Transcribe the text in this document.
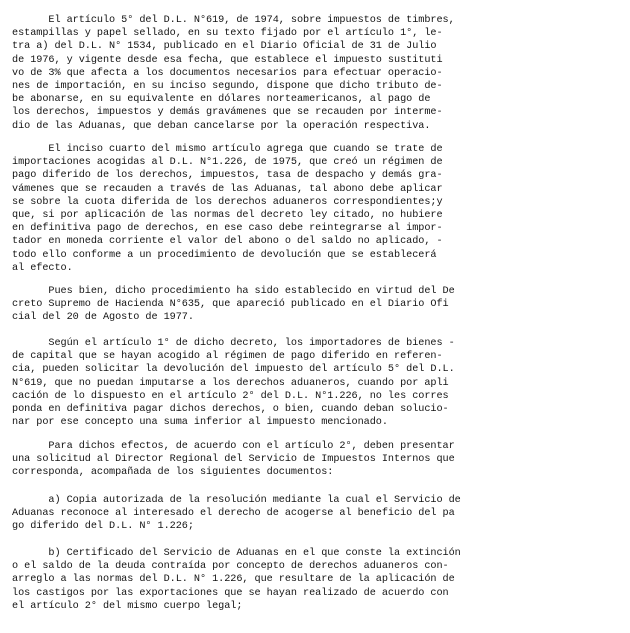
El artículo 5° del D.L. N°619, de 1974, sobre impuestos de timbres,
estampillas y papel sellado, en su texto fijado por el artículo 1°, le-
tra a) del D.L. N° 1534, publicado en el Diario Oficial de 31 de Julio
de 1976, y vigente desde esa fecha, que establece el impuesto sustituti
vo de 3% que afecta a los documentos necesarios para efectuar operacio-
nes de importación, en su inciso segundo, dispone que dicho tributo de-
be abonarse, en su equivalente en dólares norteamericanos, al pago de
los derechos, impuestos y demás gravámenes que se recauden por interme-
dio de las Aduanas, que deban cancelarse por la operación respectiva.
El inciso cuarto del mismo artículo agrega que cuando se trate de
importaciones acogidas al D.L. N°1.226, de 1975, que creó un régimen de
pago diferido de los derechos, impuestos, tasa de despacho y demás gra-
vámenes que se recauden a través de las Aduanas, tal abono debe aplicar
se sobre la cuota diferida de los derechos aduaneros correspondientes;y
que, si por aplicación de las normas del decreto ley citado, no hubiere
en definitiva pago de derechos, en ese caso debe reintegrarse al impor-
tador en moneda corriente el valor del abono o del saldo no aplicado, -
todo ello conforme a un procedimiento de devolución que se establecerá
al efecto.
Pues bien, dicho procedimiento ha sido establecido en virtud del De
creto Supremo de Hacienda N°635, que apareció publicado en el Diario Ofi
cial del 20 de Agosto de 1977.
Según el artículo 1° de dicho decreto, los importadores de bienes -
de capital que se hayan acogido al régimen de pago diferido en referen-
cia, pueden solicitar la devolución del impuesto del artículo 5° del D.L.
N°619, que no puedan imputarse a los derechos aduaneros, cuando por apli
cación de lo dispuesto en el artículo 2° del D.L. N°1.226, no les corres
ponda en definitiva pagar dichos derechos, o bien, cuando deban solucio-
nar por ese concepto una suma inferior al impuesto mencionado.
Para dichos efectos, de acuerdo con el artículo 2°, deben presentar
una solicitud al Director Regional del Servicio de Impuestos Internos que
corresponda, acompañada de los siguientes documentos:
a) Copia autorizada de la resolución mediante la cual el Servicio de
Aduanas reconoce al interesado el derecho de acogerse al beneficio del pa
go diferido del D.L. N° 1.226;
b) Certificado del Servicio de Aduanas en el que conste la extinción
o el saldo de la deuda contraída por concepto de derechos aduaneros con-
arreglo a las normas del D.L. N° 1.226, que resultare de la aplicación de
los castigos por las exportaciones que se hayan realizado de acuerdo con
el artículo 2° del mismo cuerpo legal;
